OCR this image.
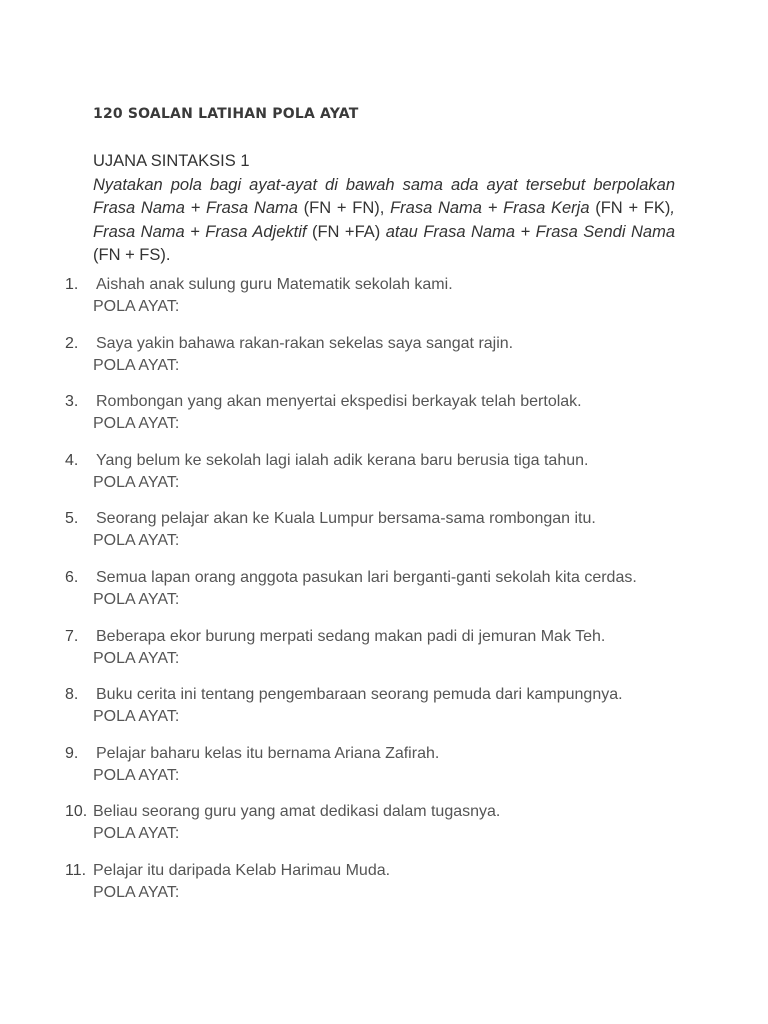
120 SOALAN LATIHAN POLA AYAT
UJANA SINTAKSIS 1
Nyatakan pola bagi ayat-ayat di bawah sama ada ayat tersebut berpolakan Frasa Nama + Frasa Nama (FN + FN), Frasa Nama + Frasa Kerja (FN + FK), Frasa Nama + Frasa Adjektif (FN +FA) atau Frasa Nama + Frasa Sendi Nama (FN + FS).
1. Aishah anak sulung guru Matematik sekolah kami.
POLA AYAT:
2. Saya yakin bahawa rakan-rakan sekelas saya sangat rajin.
POLA AYAT:
3. Rombongan yang akan menyertai ekspedisi berkayak telah bertolak.
POLA AYAT:
4. Yang belum ke sekolah lagi ialah adik kerana baru berusia tiga tahun.
POLA AYAT:
5. Seorang pelajar akan ke Kuala Lumpur bersama-sama rombongan itu.
POLA AYAT:
6. Semua lapan orang anggota pasukan lari berganti-ganti sekolah kita cerdas.
POLA AYAT:
7. Beberapa ekor burung merpati sedang makan padi di jemuran Mak Teh.
POLA AYAT:
8. Buku cerita ini tentang pengembaraan seorang pemuda dari kampungnya.
POLA AYAT:
9. Pelajar baharu kelas itu bernama Ariana Zafirah.
POLA AYAT:
10. Beliau seorang guru yang amat dedikasi dalam tugasnya.
POLA AYAT:
11. Pelajar itu daripada Kelab Harimau Muda.
POLA AYAT:
